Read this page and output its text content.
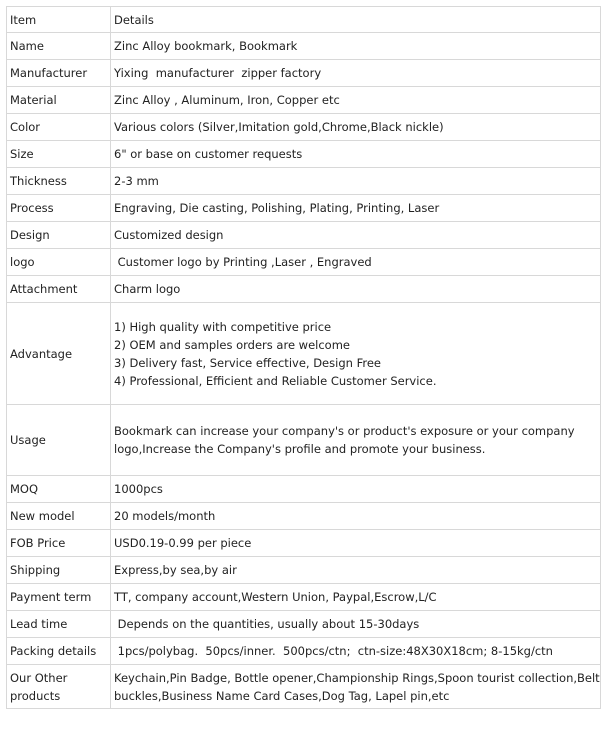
Item	Details
Name	Zinc Alloy bookmark, Bookmark
Manufacturer	Yixing  manufacturer  zipper factory
Material	Zinc Alloy , Aluminum, Iron, Copper etc
Color	Various colors (Silver,Imitation gold,Chrome,Black nickle)
Size	6" or base on customer requests
Thickness	2-3 mm
Process	Engraving, Die casting, Polishing, Plating, Printing, Laser
Design	Customized design
logo	Customer logo by Printing ,Laser , Engraved
Attachment	Charm logo
Advantage	1) High quality with competitive price
2) OEM and samples orders are welcome
3) Delivery fast, Service effective, Design Free
4) Professional, Efficient and Reliable Customer Service.

Usage	Bookmark can increase your company's or product's exposure or your company
logo,Increase the Company's profile and promote your business.

MOQ	1000pcs
New model	20 models/month
FOB Price	USD0.19-0.99 per piece
Shipping	Express,by sea,by air
Payment term	TT, company account,Western Union, Paypal,Escrow,L/C
Lead time	Depends on the quantities, usually about 15-30days
Packing details	1pcs/polybag.  50pcs/inner.  500pcs/ctn;  ctn-size:48X30X18cm; 8-15kg/ctn
Our Other products	Keychain,Pin Badge, Bottle opener,Championship Rings,Spoon tourist collection,Belt
buckles,Business Name Card Cases,Dog Tag, Lapel pin,etc
